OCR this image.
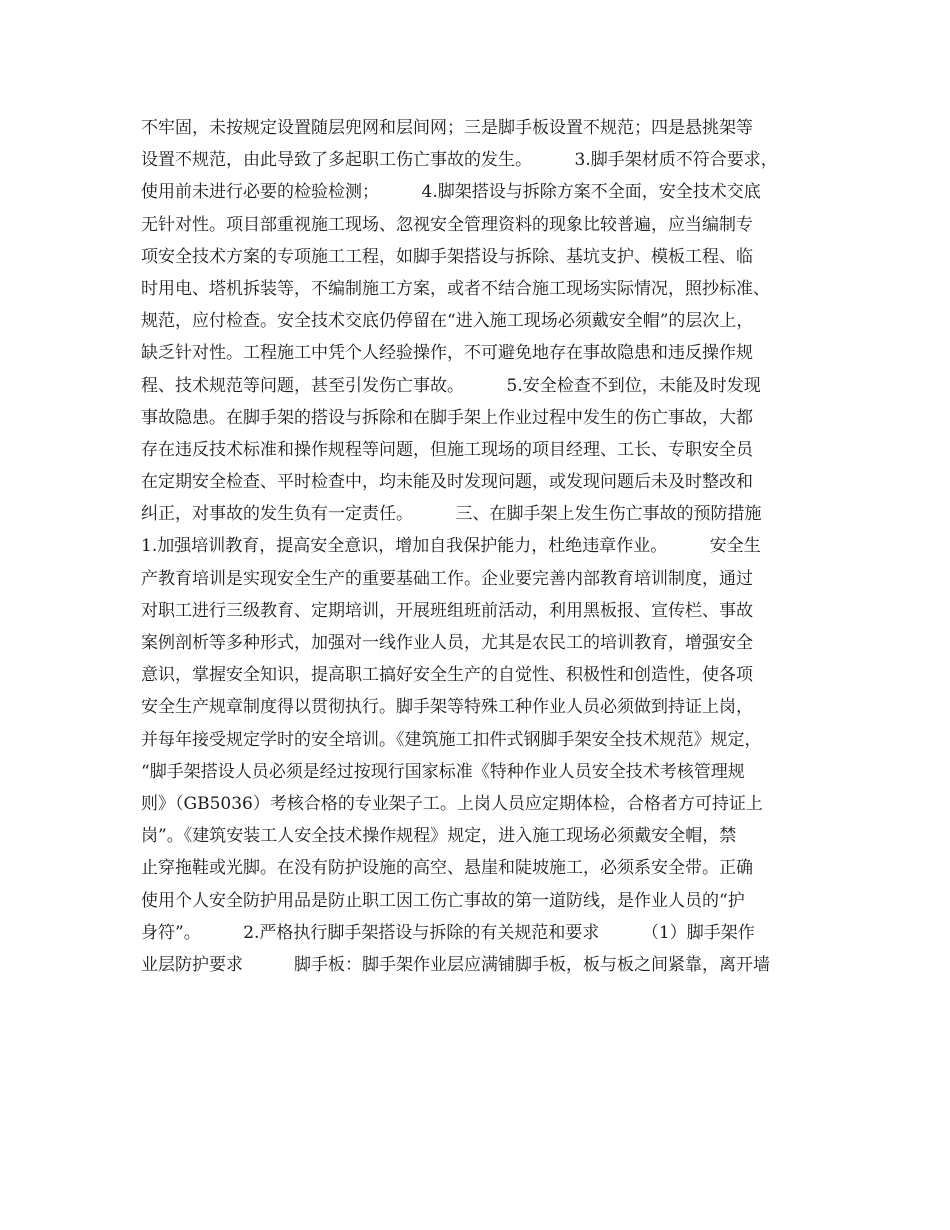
不牢固，未按规定设置随层兜网和层间网；三是脚手板设置不规范；四是悬挑架等
设置不规范，由此导致了多起职工伤亡事故的发生。　　　3.脚手架材质不符合要求，
使用前未进行必要的检验检测；　　　4.脚架搭设与拆除方案不全面，安全技术交底
无针对性。项目部重视施工现场、忽视安全管理资料的现象比较普遍，应当编制专
项安全技术方案的专项施工工程，如脚手架搭设与拆除、基坑支护、模板工程、临
时用电、塔机拆装等，不编制施工方案，或者不结合施工现场实际情况，照抄标准、
规范，应付检查。安全技术交底仍停留在“进入施工现场必须戴安全帽”的层次上，
缺乏针对性。工程施工中凭个人经验操作，不可避免地存在事故隐患和违反操作规
程、技术规范等问题，甚至引发伤亡事故。　　　5.安全检查不到位，未能及时发现
事故隐患。在脚手架的搭设与拆除和在脚手架上作业过程中发生的伤亡事故，大都
存在违反技术标准和操作规程等问题，但施工现场的项目经理、工长、专职安全员
在定期安全检查、平时检查中，均未能及时发现问题，或发现问题后未及时整改和
纠正，对事故的发生负有一定责任。　　　三、在脚手架上发生伤亡事故的预防措施
1.加强培训教育，提高安全意识，增加自我保护能力，杜绝违章作业。　　　安全生
产教育培训是实现安全生产的重要基础工作。企业要完善内部教育培训制度，通过
对职工进行三级教育、定期培训，开展班组班前活动，利用黑板报、宣传栏、事故
案例剖析等多种形式，加强对一线作业人员，尤其是农民工的培训教育，增强安全
意识，掌握安全知识，提高职工搞好安全生产的自觉性、积极性和创造性，使各项
安全生产规章制度得以贯彻执行。脚手架等特殊工种作业人员必须做到持证上岗，
并每年接受规定学时的安全培训。《建筑施工扣件式钢脚手架安全技术规范》规定，
“脚手架搭设人员必须是经过按现行国家标准《特种作业人员安全技术考核管理规
则》（GB5036）考核合格的专业架子工。上岗人员应定期体检，合格者方可持证上
岗”。《建筑安装工人安全技术操作规程》规定，进入施工现场必须戴安全帽，禁
止穿拖鞋或光脚。在没有防护设施的高空、悬崖和陡坡施工，必须系安全带。正确
使用个人安全防护用品是防止职工因工伤亡事故的第一道防线，是作业人员的“护
身符”。　　　2.严格执行脚手架搭设与拆除的有关规范和要求　　　（1）脚手架作
业层防护要求　　　脚手板：脚手架作业层应满铺脚手板，板与板之间紧靠，离开墙
